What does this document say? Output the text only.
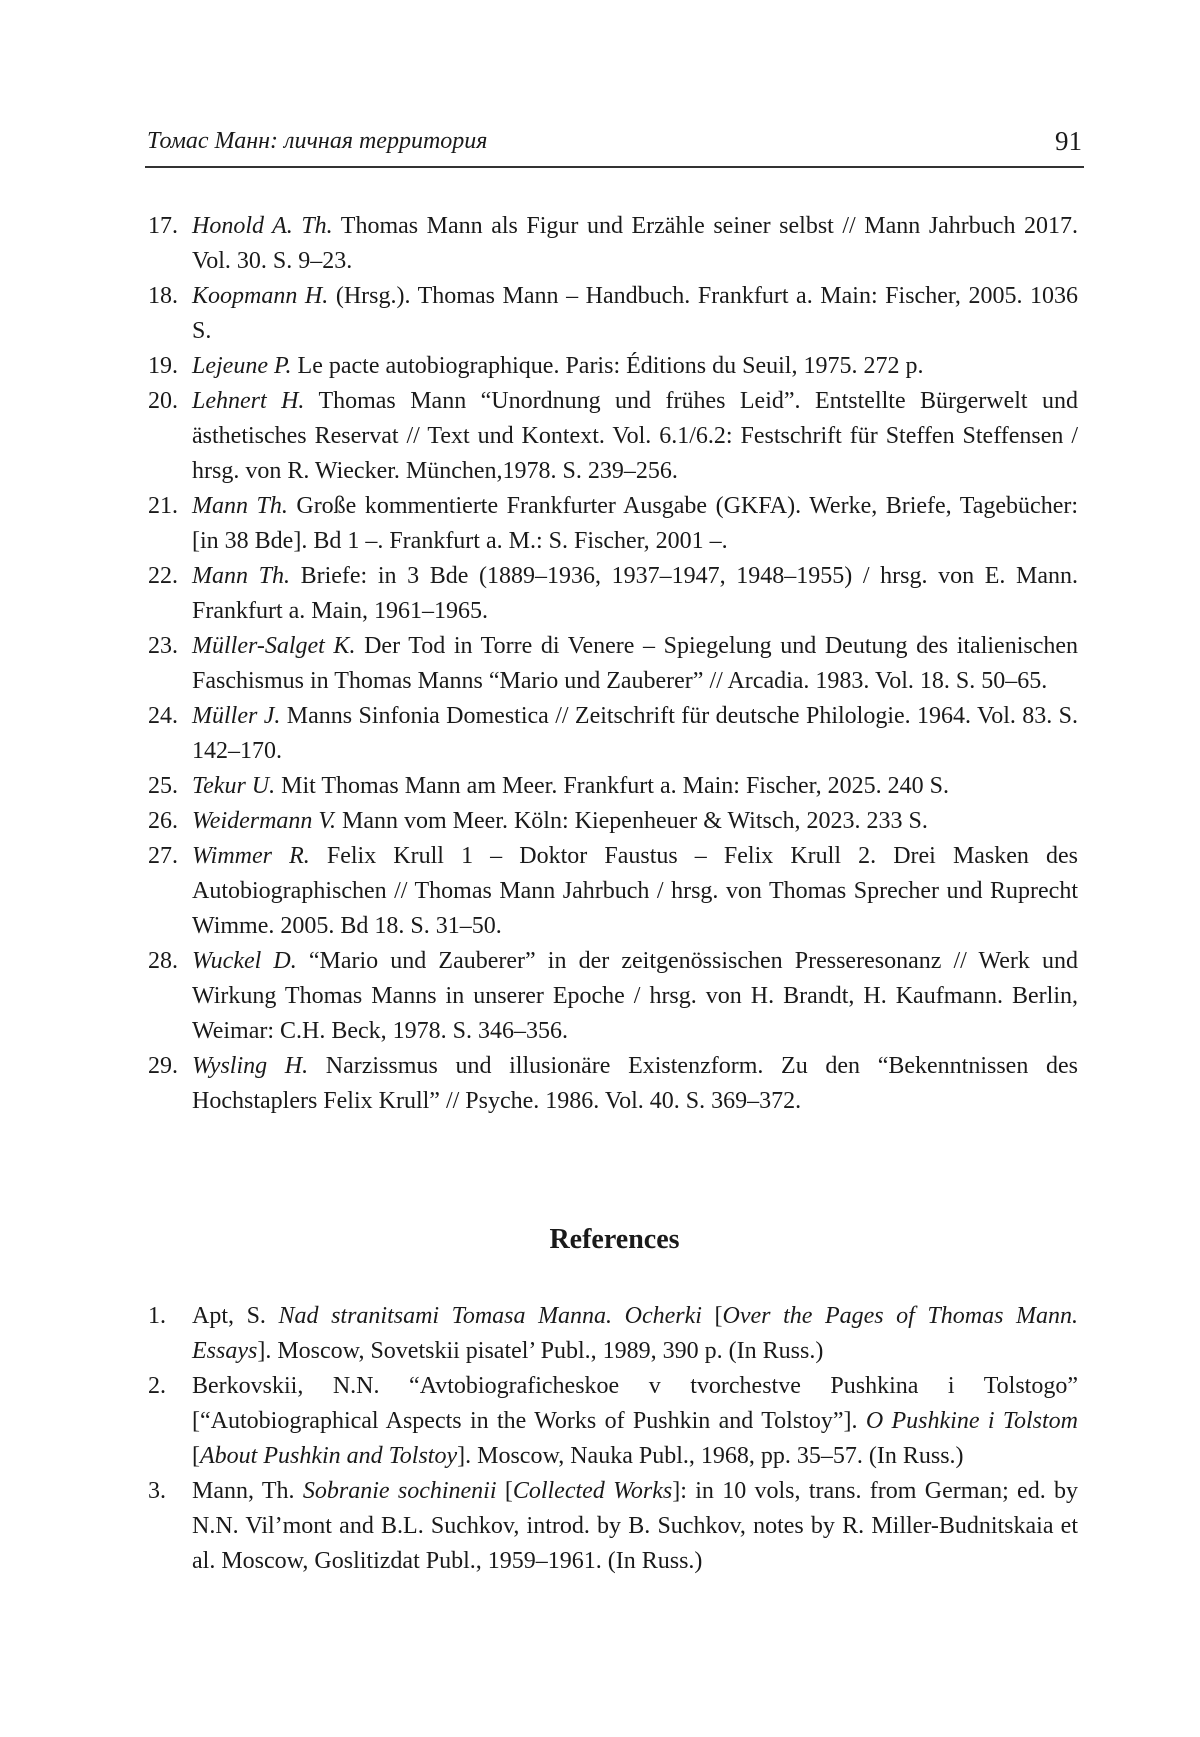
Томас Манн: личная территория	91
17. Honold A. Th. Thomas Mann als Figur und Erzähle seiner selbst // Mann Jahrbuch 2017. Vol. 30. S. 9–23.
18. Koopmann H. (Hrsg.). Thomas Mann – Handbuch. Frankfurt a. Main: Fischer, 2005. 1036 S.
19. Lejeune P. Le pacte autobiographique. Paris: Éditions du Seuil, 1975. 272 p.
20. Lehnert H. Thomas Mann “Unordnung und frühes Leid”. Entstellte Bürgerwelt und ästhetisches Reservat // Text und Kontext. Vol. 6.1/6.2: Festschrift für Steffen Steffensen / hrsg. von R. Wiecker. München,1978. S. 239–256.
21. Mann Th. Große kommentierte Frankfurter Ausgabe (GKFA). Werke, Briefe, Tagebücher: [in 38 Bde]. Bd 1 –. Frankfurt a. M.: S. Fischer, 2001 –.
22. Mann Th. Briefe: in 3 Bde (1889–1936, 1937–1947, 1948–1955) / hrsg. von E. Mann. Frankfurt a. Main, 1961–1965.
23. Müller-Salget K. Der Tod in Torre di Venere – Spiegelung und Deutung des italienischen Faschismus in Thomas Manns “Mario und Zauberer” // Arcadia. 1983. Vol. 18. S. 50–65.
24. Müller J. Manns Sinfonia Domestica // Zeitschrift für deutsche Philologie. 1964. Vol. 83. S. 142–170.
25. Tekur U. Mit Thomas Mann am Meer. Frankfurt a. Main: Fischer, 2025. 240 S.
26. Weidermann V. Mann vom Meer. Köln: Kiepenheuer & Witsch, 2023. 233 S.
27. Wimmer R. Felix Krull 1 – Doktor Faustus – Felix Krull 2. Drei Masken des Autobiographischen // Thomas Mann Jahrbuch / hrsg. von Thomas Sprecher und Ruprecht Wimme. 2005. Bd 18. S. 31–50.
28. Wuckel D. “Mario und Zauberer” in der zeitgenössischen Presseresonanz // Werk und Wirkung Thomas Manns in unserer Epoche / hrsg. von H. Brandt, H. Kaufmann. Berlin, Weimar: C.H. Beck, 1978. S. 346–356.
29. Wysling H. Narzissmus und illusionäre Existenzform. Zu den “Bekenntnissen des Hochstaplers Felix Krull” // Psyche. 1986. Vol. 40. S. 369–372.
References
1. Apt, S. Nad stranitsami Tomasa Manna. Ocherki [Over the Pages of Thomas Mann. Essays]. Moscow, Sovetskii pisatel’ Publ., 1989, 390 p. (In Russ.)
2. Berkovskii, N.N. “Avtobiograficheskoe v tvorchestve Pushkina i Tolstogo” [“Autobiographical Aspects in the Works of Pushkin and Tolstoy”]. O Pushkine i Tolstom [About Pushkin and Tolstoy]. Moscow, Nauka Publ., 1968, pp. 35–57. (In Russ.)
3. Mann, Th. Sobranie sochinenii [Collected Works]: in 10 vols, trans. from German; ed. by N.N. Vil’mont and B.L. Suchkov, introd. by B. Suchkov, notes by R. Miller-Budnitskaia et al. Moscow, Goslitizdat Publ., 1959–1961. (In Russ.)
